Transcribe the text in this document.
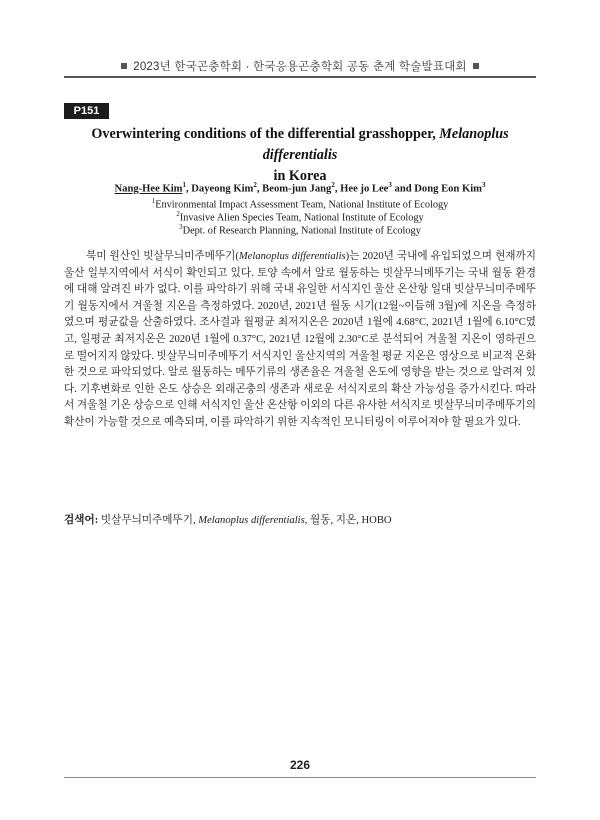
2023년 한국곤충학회 · 한국응용곤충학회 공동 춘계 학술발표대회
P151
Overwintering conditions of the differential grasshopper, Melanoplus differentialis
in Korea
Nang-Hee Kim$^1$, Dayeong Kim$^2$, Beom-jun Jang$^2$, Hee jo Lee$^3$ and Dong Eon Kim$^3$
$^1$Environmental Impact Assessment Team, National Institute of Ecology
$^2$Invasive Alien Species Team, National Institute of Ecology
$^3$Dept. of Research Planning, National Institute of Ecology

북미 원산인 빗살무늬미주메뚜기(Melanoplus differentialis)는 2020년 국내에 유입되었으며 현재까지 울산 일부지역에서 서식이 확인되고 있다. 토양 속에서 알로 월동하는 빗살무늬메뚜기는 국내 월동 환경에 대해 알려진 바가 없다. 이를 파악하기 위해 국내 유일한 서식지인 울산 온산항 일대 빗살무늬미주메뚜기 월동지에서 겨울철 지온을 측정하였다. 2020년, 2021년 월동 시기(12월~이듬해 3월)에 지온을 측정하였으며 평균값을 산출하였다. 조사결과 월평균 최저지온은 2020년 1월에 4.68°C, 2021년 1월에 6.10°C였고, 일평균 최저지온은 2020년 1월에 0.37°C, 2021년 12월에 2.30°C로 분석되어 겨울철 지온이 영하권으로 떨어지지 않았다. 빗살무늬미주메뚜기 서식지인 울산지역의 겨울철 평균 지온은 영상으로 비교적 온화한 것으로 파악되었다. 알로 월동하는 메뚜기류의 생존율은 겨울철 온도에 영향을 받는 것으로 알려져 있다. 기후변화로 인한 온도 상승은 외래곤충의 생존과 새로운 서식지로의 확산 가능성을 증가시킨다. 따라서 겨울철 기온 상승으로 인해 서식지인 울산 온산항 이외의 다른 유사한 서식지로 빗살무늬미주메뚜기의 확산이 가능할 것으로 예측되며, 이를 파악하기 위한 지속적인 모니터링이 이루어져야 할 필요가 있다.

검색어: 빗살무늬미주메뚜기, Melanoplus differentialis, 월동, 지온, HOBO
226
